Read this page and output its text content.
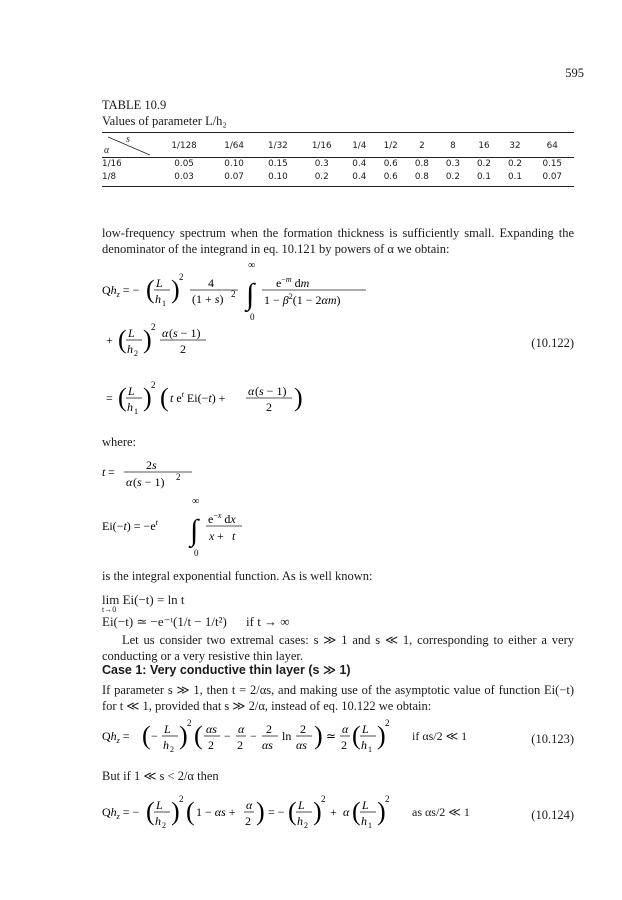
595
TABLE 10.9
Values of parameter L/h₂
s
α	1/128	1/64	1/32	1/16	1/4	1/2	2	8	16	32	64
1/16	0.05	0.10	0.15	0.3	0.4	0.6	0.8	0.3	0.2	0.2	0.15
1/8	0.03	0.07	0.10	0.2	0.4	0.6	0.8	0.2	0.1	0.1	0.07
low-frequency spectrum when the formation thickness is sufficiently small. Expanding the denominator of the integrand in eq. 10.121 by powers of α we obtain:
$Qh_z$ = − ( L
h 1 ) 2 4
(1 + s) 2
∞
∫
0
$e^{-m}$ dm
$1 - \beta^2(1 - 2\alpha m)$
+ ( L
h 2 ) 2 α (s − 1)
2
= ( L
h 1 ) 2 ( t $e^t$ Ei(−t) + α (s − 1)
2 )
(10.122)
where:
t =	2s
α (s − 1) 2
$Ei(-t) = -e^t$
∞
∫
0
$e^{-x}$ dx
x + t
is the integral exponential function. As is well known:
lim Ei(−t) = ln t
t→0
Ei(−t) ≃ −e⁻ᵗ(1/t − 1/t²) if t → ∞
Let us consider two extremal cases: s ≫ 1 and s ≪ 1, corresponding to either a very conducting or a very resistive thin layer.
Case 1: Very conductive thin layer (s ≫ 1)
If parameter s ≫ 1, then t = 2/αs, and making use of the asymptotic value of function Ei(−t) for t ≪ 1, provided that s ≫ 2/α, instead of eq. 10.122 we obtain:
$Qh_z$ = ( − L
h 2 ) 2 ( αs
2
− α
2
− 2
αs
ln 2
αs ) ≃ α
2 ( L
h 1 ) 2
if αs/2 ≪ 1	(10.123)
But if 1 ≪ s < 2/α then
$Qh_z$ = − ( L
h 2 ) 2 ( 1 − αs + α
2 ) = − ( L
h 2 ) 2
+ α ( L
h 1 ) 2
as αs/2 ≪ 1	(10.124)
